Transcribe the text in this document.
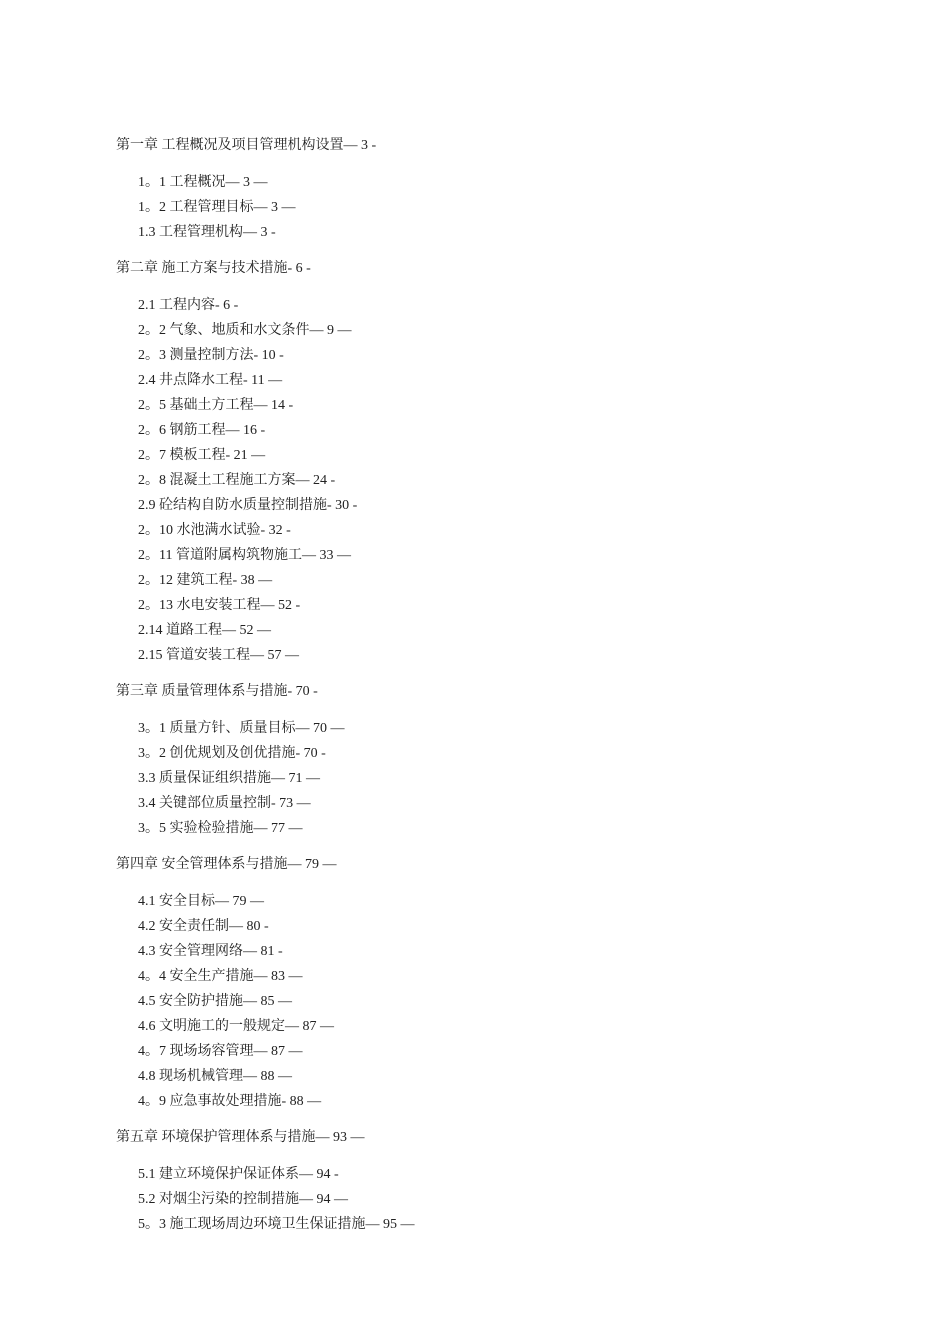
第一章 工程概况及项目管理机构设置— 3 -
1。1 工程概况— 3 —
1。2 工程管理目标— 3 —
1.3 工程管理机构— 3 -
第二章 施工方案与技术措施- 6 -
2.1 工程内容- 6 -
2。2 气象、地质和水文条件— 9 —
2。3 测量控制方法- 10 -
2.4 井点降水工程- 11 —
2。5 基础土方工程— 14 -
2。6 钢筋工程— 16 -
2。7 模板工程- 21 —
2。8 混凝土工程施工方案— 24 -
2.9 砼结构自防水质量控制措施- 30 -
2。10 水池满水试验- 32 -
2。11 管道附属构筑物施工— 33 —
2。12 建筑工程- 38 —
2。13 水电安装工程— 52 -
2.14 道路工程— 52 —
2.15 管道安装工程— 57 —
第三章 质量管理体系与措施- 70 -
3。1 质量方针、质量目标— 70 —
3。2 创优规划及创优措施- 70 -
3.3 质量保证组织措施— 71 —
3.4 关键部位质量控制- 73 —
3。5 实验检验措施— 77 —
第四章 安全管理体系与措施— 79 —
4.1 安全目标— 79 —
4.2 安全责任制— 80 -
4.3 安全管理网络— 81 -
4。4 安全生产措施— 83 —
4.5 安全防护措施— 85 —
4.6 文明施工的一般规定— 87 —
4。7 现场场容管理— 87 —
4.8 现场机械管理— 88 —
4。9 应急事故处理措施- 88 —
第五章 环境保护管理体系与措施— 93 —
5.1 建立环境保护保证体系— 94 -
5.2 对烟尘污染的控制措施— 94 —
5。3 施工现场周边环境卫生保证措施— 95 —
